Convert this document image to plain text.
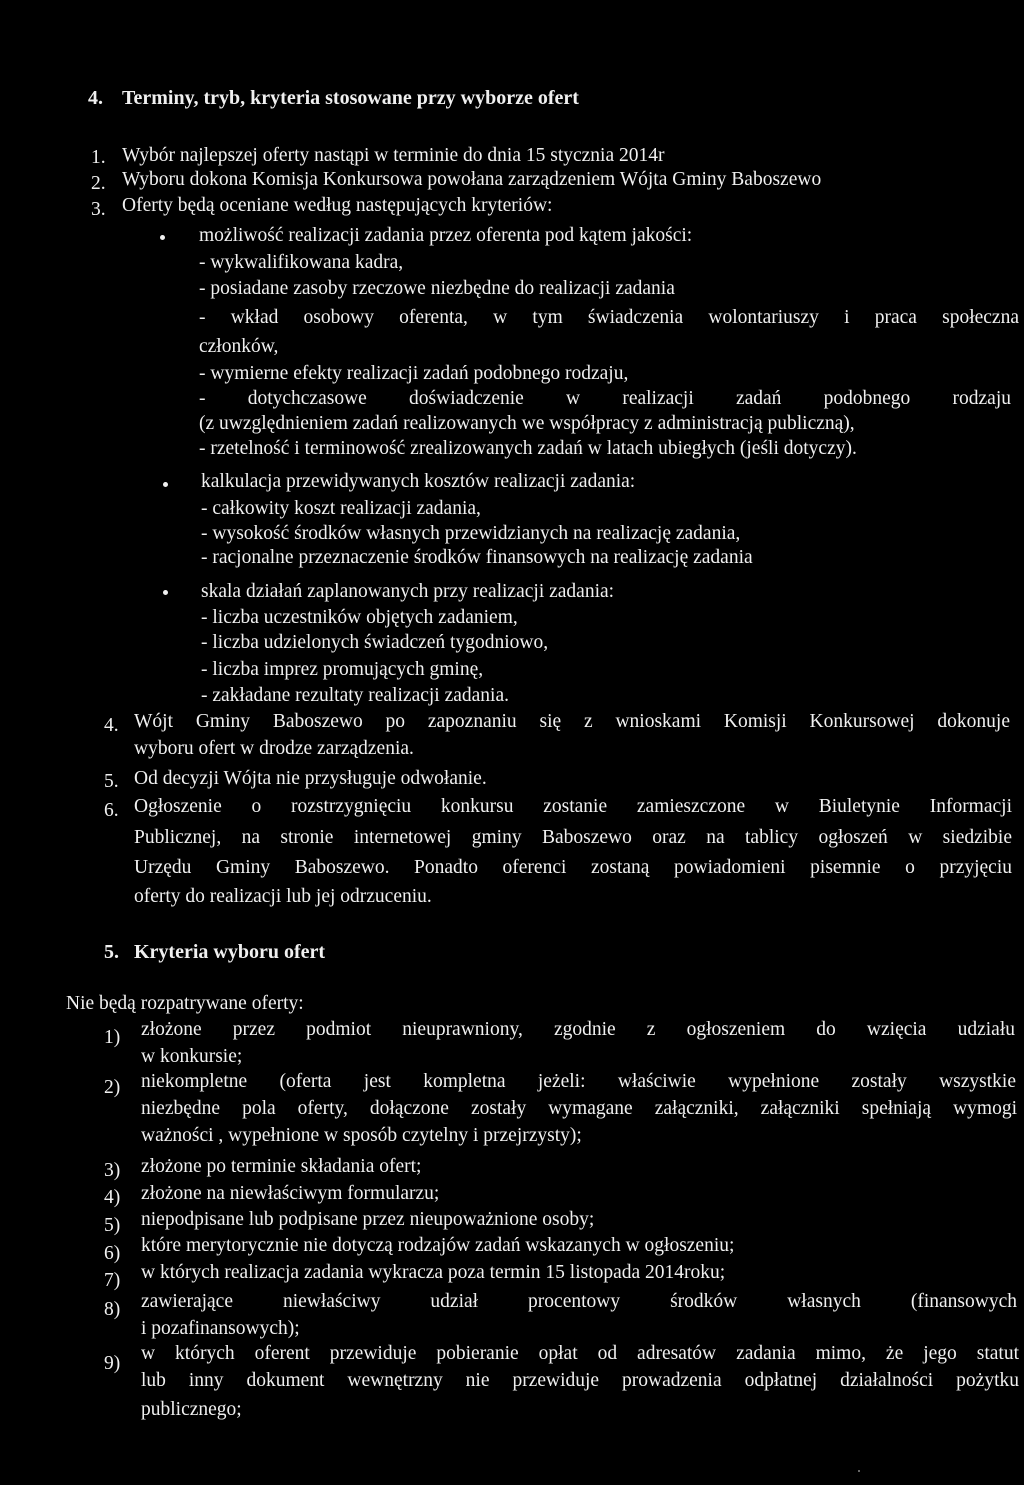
4. Terminy, tryb, kryteria stosowane przy wyborze ofert
1. Wybór najlepszej oferty nastąpi w terminie do dnia 15 stycznia 2014r
2. Wyboru dokona Komisja Konkursowa powołana zarządzeniem Wójta Gminy Baboszewo
3. Oferty będą oceniane według następujących kryteriów:
możliwość realizacji zadania przez oferenta pod kątem jakości:
- wykwalifikowana kadra,
- posiadane zasoby rzeczowe niezbędne do realizacji zadania
- wkład osobowy oferenta, w tym świadczenia wolontariuszy i praca społeczna
członków,
- wymierne efekty realizacji zadań podobnego rodzaju,
- dotychczasowe doświadczenie w realizacji zadań podobnego rodzaju
(z uwzględnieniem zadań realizowanych we współpracy z administracją publiczną),
- rzetelność i terminowość zrealizowanych zadań w latach ubiegłych (jeśli dotyczy).
kalkulacja przewidywanych kosztów realizacji zadania:
- całkowity koszt realizacji zadania,
- wysokość środków własnych przewidzianych na realizację zadania,
- racjonalne przeznaczenie środków finansowych na realizację zadania
skala działań zaplanowanych przy realizacji zadania:
- liczba uczestników objętych zadaniem,
- liczba udzielonych świadczeń tygodniowo,
- liczba imprez promujących gminę,
- zakładane rezultaty realizacji zadania.
4. Wójt Gminy Baboszewo po zapoznaniu się z wnioskami Komisji Konkursowej dokonuje
wyboru ofert w drodze zarządzenia.
5. Od decyzji Wójta nie przysługuje odwołanie.
6. Ogłoszenie o rozstrzygnięciu konkursu zostanie zamieszczone w Biuletynie Informacji
Publicznej, na stronie internetowej gminy Baboszewo oraz na tablicy ogłoszeń w siedzibie
Urzędu Gminy Baboszewo. Ponadto oferenci zostaną powiadomieni pisemnie o przyjęciu
oferty do realizacji lub jej odrzuceniu.
5. Kryteria wyboru ofert
Nie będą rozpatrywane oferty:
1) złożone przez podmiot nieuprawniony, zgodnie z ogłoszeniem do wzięcia udziału
w konkursie;
2) niekompletne (oferta jest kompletna jeżeli: właściwie wypełnione zostały wszystkie
niezbędne pola oferty, dołączone zostały wymagane załączniki, załączniki spełniają wymogi
ważności , wypełnione w sposób czytelny i przejrzysty);
3) złożone po terminie składania ofert;
4) złożone na niewłaściwym formularzu;
5) niepodpisane lub podpisane przez nieupoważnione osoby;
6) które merytorycznie nie dotyczą rodzajów zadań wskazanych w ogłoszeniu;
7) w których realizacja zadania wykracza poza termin 15 listopada 2014roku;
8) zawierające niewłaściwy udział procentowy środków własnych (finansowych
i pozafinansowych);
9) w których oferent przewiduje pobieranie opłat od adresatów zadania mimo, że jego statut
lub inny dokument wewnętrzny nie przewiduje prowadzenia odpłatnej działalności pożytku
publicznego;
